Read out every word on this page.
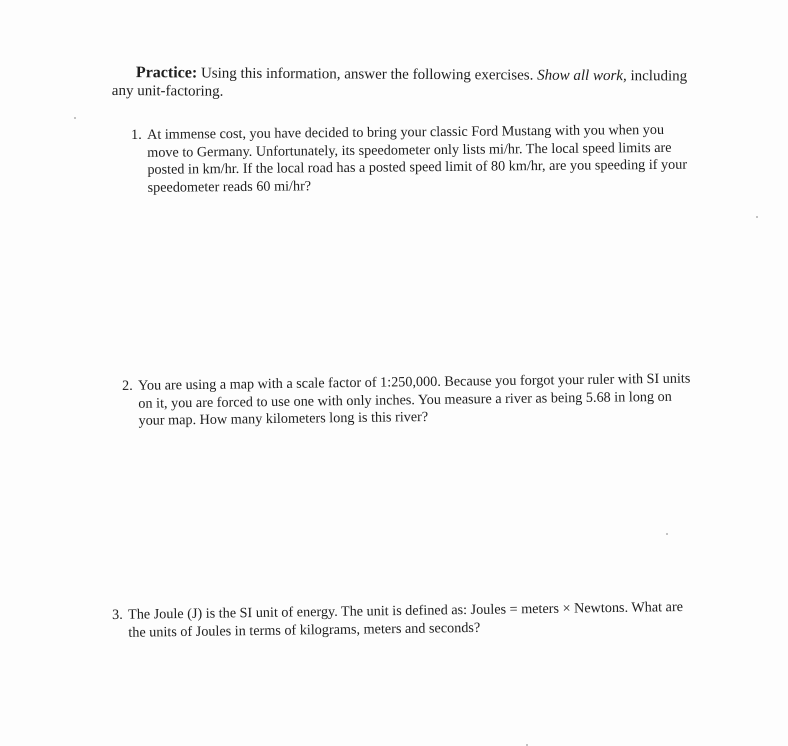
Practice: Using this information, answer the following exercises. Show all work, including any unit-factoring.

1. At immense cost, you have decided to bring your classic Ford Mustang with you when you move to Germany. Unfortunately, its speedometer only lists mi/hr. The local speed limits are posted in km/hr. If the local road has a posted speed limit of 80 km/hr, are you speeding if your speedometer reads 60 mi/hr?
2. You are using a map with a scale factor of 1:250,000. Because you forgot your ruler with SI units on it, you are forced to use one with only inches. You measure a river as being 5.68 in long on your map. How many kilometers long is this river?
3. The Joule (J) is the SI unit of energy. The unit is defined as: Joules = meters × Newtons. What are the units of Joules in terms of kilograms, meters and seconds?
